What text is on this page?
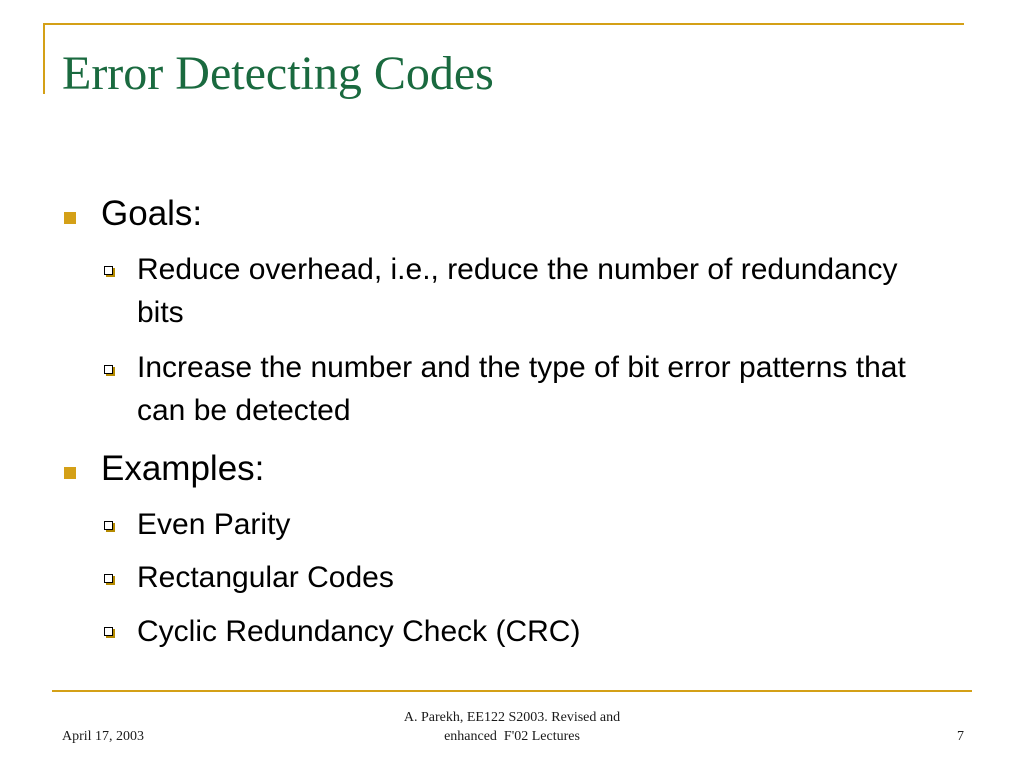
Error Detecting Codes
Goals:
Reduce overhead, i.e., reduce the number of redundancy bits
Increase the number and the type of bit error patterns that can be detected
Examples:
Even Parity
Rectangular Codes
Cyclic Redundancy Check (CRC)
April 17, 2003
A. Parekh, EE122 S2003. Revised and
enhanced  F'02 Lectures	7
